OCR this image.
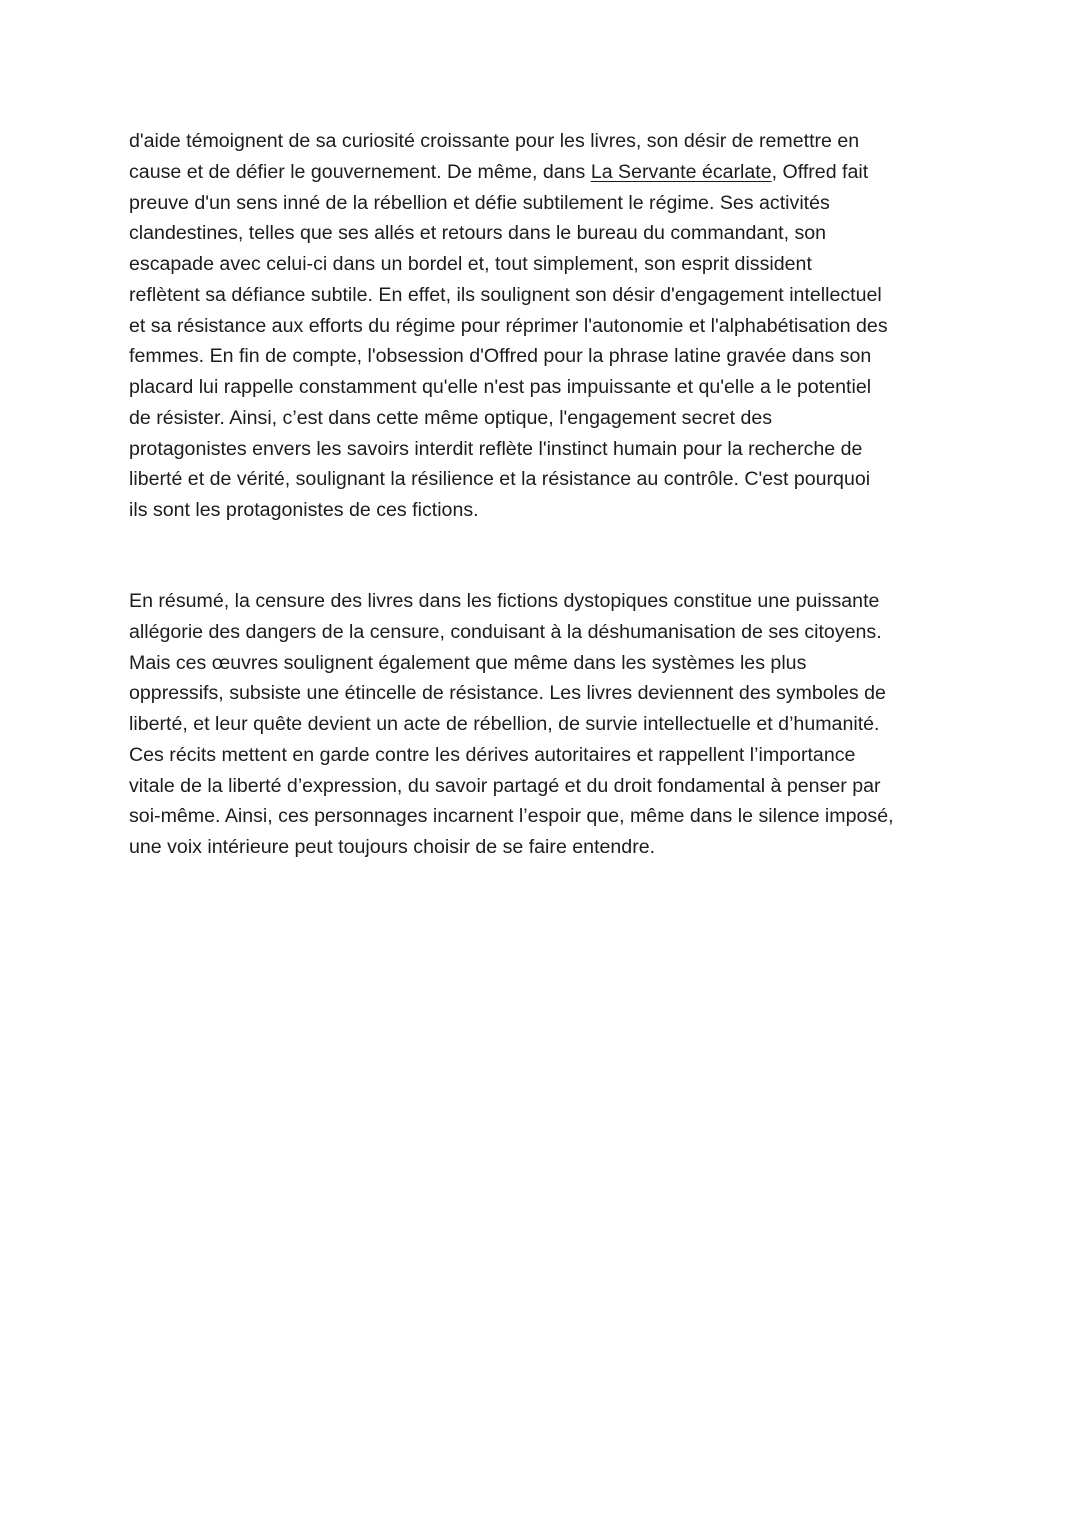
d'aide témoignent de sa curiosité croissante pour les livres, son désir de remettre en
cause et de défier le gouvernement. De même, dans La Servante écarlate, Offred fait
preuve d'un sens inné de la rébellion et défie subtilement le régime. Ses activités
clandestines, telles que ses allés et retours dans le bureau du commandant, son
escapade avec celui-ci dans un bordel et, tout simplement, son esprit dissident
reflètent sa défiance subtile. En effet, ils soulignent son désir d'engagement intellectuel
et sa résistance aux efforts du régime pour réprimer l'autonomie et l'alphabétisation des
femmes. En fin de compte, l'obsession d'Offred pour la phrase latine gravée dans son
placard lui rappelle constamment qu'elle n'est pas impuissante et qu'elle a le potentiel
de résister. Ainsi, c’est dans cette même optique, l'engagement secret des
protagonistes envers les savoirs interdit reflète l'instinct humain pour la recherche de
liberté et de vérité, soulignant la résilience et la résistance au contrôle. C'est pourquoi
ils sont les protagonistes de ces fictions.

En résumé, la censure des livres dans les fictions dystopiques constitue une puissante
allégorie des dangers de la censure, conduisant à la déshumanisation de ses citoyens.
Mais ces œuvres soulignent également que même dans les systèmes les plus
oppressifs, subsiste une étincelle de résistance. Les livres deviennent des symboles de
liberté, et leur quête devient un acte de rébellion, de survie intellectuelle et d’humanité.
Ces récits mettent en garde contre les dérives autoritaires et rappellent l’importance
vitale de la liberté d’expression, du savoir partagé et du droit fondamental à penser par
soi-même. Ainsi, ces personnages incarnent l’espoir que, même dans le silence imposé,
une voix intérieure peut toujours choisir de se faire entendre.
